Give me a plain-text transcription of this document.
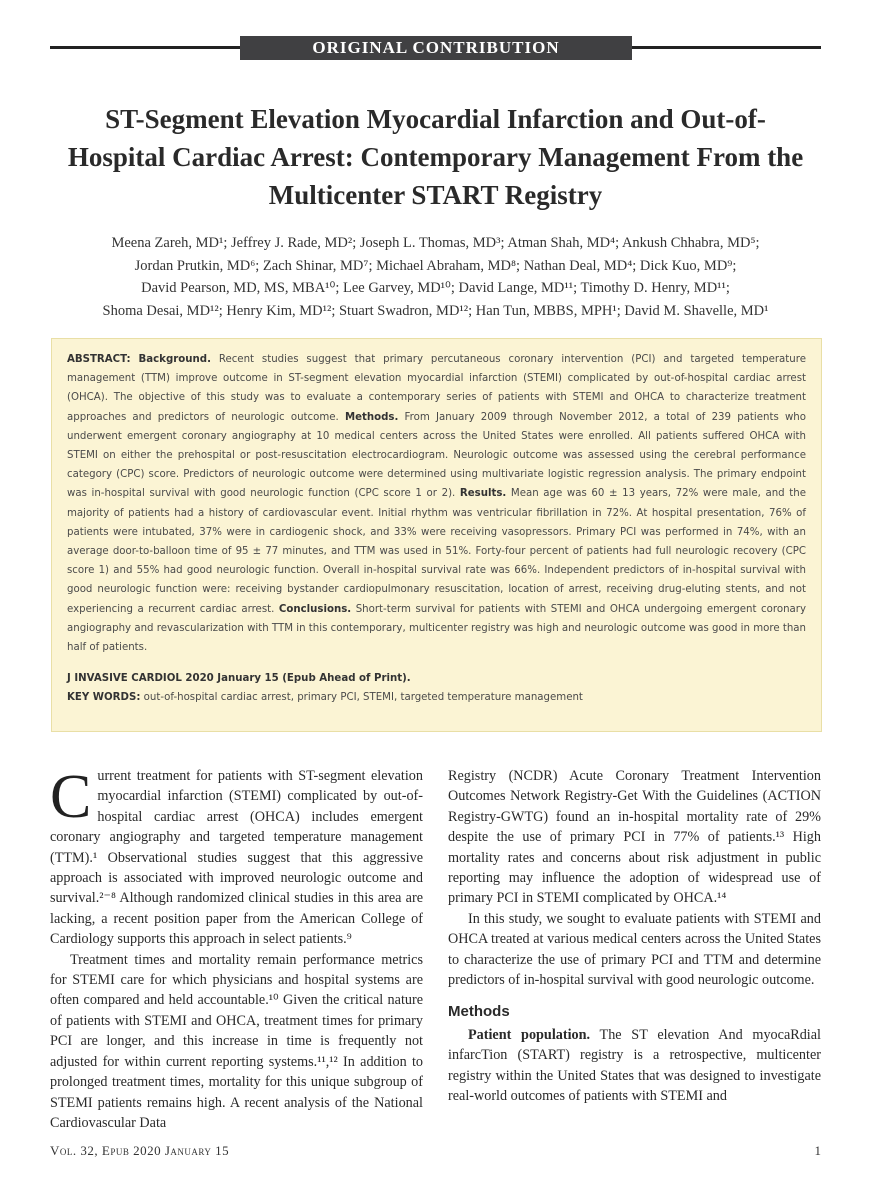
ORIGINAL CONTRIBUTION
ST-Segment Elevation Myocardial Infarction and Out-of-Hospital Cardiac Arrest: Contemporary Management From the Multicenter START Registry
Meena Zareh, MD¹; Jeffrey J. Rade, MD²; Joseph L. Thomas, MD³; Atman Shah, MD⁴; Ankush Chhabra, MD⁵;
Jordan Prutkin, MD⁶; Zach Shinar, MD⁷; Michael Abraham, MD⁸; Nathan Deal, MD⁴; Dick Kuo, MD⁹;
David Pearson, MD, MS, MBA¹⁰; Lee Garvey, MD¹⁰; David Lange, MD¹¹; Timothy D. Henry, MD¹¹;
Shoma Desai, MD¹²; Henry Kim, MD¹²; Stuart Swadron, MD¹²; Han Tun, MBBS, MPH¹; David M. Shavelle, MD¹
ABSTRACT: Background. Recent studies suggest that primary percutaneous coronary intervention (PCI) and targeted temperature management (TTM) improve outcome in ST-segment elevation myocardial infarction (STEMI) complicated by out-of-hospital cardiac arrest (OHCA). The objective of this study was to evaluate a contemporary series of patients with STEMI and OHCA to characterize treatment approaches and predictors of neurologic outcome. Methods. From January 2009 through November 2012, a total of 239 patients who underwent emergent coronary angiography at 10 medical centers across the United States were enrolled. All patients suffered OHCA with STEMI on either the prehospital or post-resuscitation electrocardiogram. Neurologic outcome was assessed using the cerebral performance category (CPC) score. Predictors of neurologic outcome were determined using multivariate logistic regression analysis. The primary endpoint was in-hospital survival with good neurologic function (CPC score 1 or 2). Results. Mean age was 60 ± 13 years, 72% were male, and the majority of patients had a history of cardiovascular event. Initial rhythm was ventricular fibrillation in 72%. At hospital presentation, 76% of patients were intubated, 37% were in cardiogenic shock, and 33% were receiving vasopressors. Primary PCI was performed in 74%, with an average door-to-balloon time of 95 ± 77 minutes, and TTM was used in 51%. Forty-four percent of patients had full neurologic recovery (CPC score 1) and 55% had good neurologic function. Overall in-hospital survival rate was 66%. Independent predictors of in-hospital survival with good neurologic function were: receiving bystander cardiopulmonary resuscitation, location of arrest, receiving drug-eluting stents, and not experiencing a recurrent cardiac arrest. Conclusions. Short-term survival for patients with STEMI and OHCA undergoing emergent coronary angiography and revascularization with TTM in this contemporary, multicenter registry was high and neurologic outcome was good in more than half of patients.
J INVASIVE CARDIOL 2020 January 15 (Epub Ahead of Print).
KEY WORDS: out-of-hospital cardiac arrest, primary PCI, STEMI, targeted temperature management

Current treatment for patients with ST-segment elevation myocardial infarction (STEMI) complicated by out-of-hospital cardiac arrest (OHCA) includes emergent coronary angiography and targeted temperature management (TTM).¹ Observational studies suggest that this aggressive approach is associated with improved neurologic outcome and survival.²⁻⁸ Although randomized clinical studies in this area are lacking, a recent position paper from the American College of Cardiology supports this approach in select patients.⁹

Treatment times and mortality remain performance metrics for STEMI care for which physicians and hospital systems are often compared and held accountable.¹⁰ Given the critical nature of patients with STEMI and OHCA, treatment times for primary PCI are longer, and this increase in time is frequently not adjusted for within current reporting systems.¹¹,¹² In addition to prolonged treatment times, mortality for this unique subgroup of STEMI patients remains high. A recent analysis of the National Cardiovascular Data

Registry (NCDR) Acute Coronary Treatment Intervention Outcomes Network Registry-Get With the Guidelines (ACTION Registry-GWTG) found an in-hospital mortality rate of 29% despite the use of primary PCI in 77% of patients.¹³ High mortality rates and concerns about risk adjustment in public reporting may influence the adoption of widespread use of primary PCI in STEMI complicated by OHCA.¹⁴

In this study, we sought to evaluate patients with STEMI and OHCA treated at various medical centers across the United States to characterize the use of primary PCI and TTM and determine predictors of in-hospital survival with good neurologic outcome.

Methods

Patient population. The ST elevation And myocaRdial infarcTion (START) registry is a retrospective, multicenter registry within the United States that was designed to investigate real-world outcomes of patients with STEMI and

Vol. 32, Epub 2020 January 15	1
